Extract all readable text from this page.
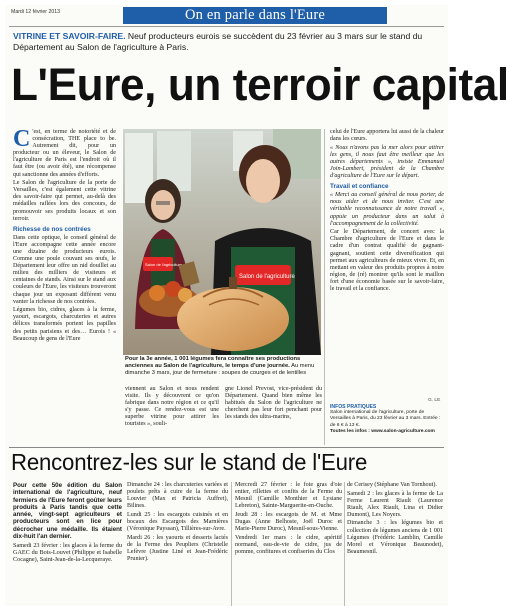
Mardi 12 février 2013	On en parle dans l'Eure
VITRINE ET SAVOIR-FAIRE. Neuf producteurs eurois se succèdent du 23 février au 3 mars sur le stand du Département au Salon de l'agriculture à Paris.
L'Eure, un terroir capital

C 'est, en terme de notoriété et de consécration, THE place to be. Autrement dit, pour un producteur ou un éleveur, le Salon de l'agriculture de Paris est l'endroit où il faut être (ou avoir été), une récompense qui sanctionne des années d'efforts.

Le Salon de l'agriculture de la porte de Versailles, c'est également cette vitrine des savoir-faire qui permet, au-delà des médailles raflées lors des concours, de promouvoir ses produits locaux et son terroir.

Richesse de nos contrées

Dans cette optique, le conseil général de l'Eure accompagne cette année encore une dizaine de producteurs eurois. Comme une poule couvant ses œufs, le Département leur offre un nid douillet au milieu des milliers de visiteurs et centaines de stands. Ainsi sur le stand aux couleurs de l'Eure, les visiteurs trouveront chaque jour un exposant différent venu vanter la richesse de nos contrées.

Légumes bio, cidres, glaces à la ferme, yaourt, escargots, charcuteries et autres délices transformés portent les papilles des petits parisiens et des… Eurois ! « Beaucoup de gens de l'Eure

Salon de l'agriculture
Salon de l'agriculture
Pour la 3e année, 1 001 légumes fera connaître ses productions anciennes au Salon de l'agriculture, le temps d'une journée. Au menu dimanche 3 mars, jour de fermeture : soupes de courges et de lentilles

viennent au Salon et nous rendent visite. Ils y découvrent ce qu'on fabrique dans notre région et ce qu'il s'y passe. Ce rendez-vous est une superbe vitrine pour attirer les touristes », souli-

gne Lionel Prevost, vice-président du Département. Quand bien même les habitués du Salon de l'agriculture ne cherchent pas leur fort penchant pour les stands des ultra-marins,

celui de l'Eure apportera lui aussi de la chaleur dans les cœurs.

« Nous n'avons pas la mer alors pour attirer les gens, il nous faut être meilleur que les autres départements », insiste Emmanuel Join-Lambert, président de la Chambre d'agriculture de l'Eure sur le départ.

Travail et confiance

« Merci au conseil général de nous porter, de nous aider et de nous inviter. C'est une véritable reconnaissance de notre travail », appuie un producteur dans un salut à l'accompagnement de la collectivité.

Car le Département, de concert avec la Chambre d'agriculture de l'Eure et dans le cadre d'un contrat qualifié de gagnant-gagnant, soutient cette diversification qui permet aux agriculteurs de mieux vivre. Et, en mettant en valeur des produits propres à notre région, de (ré) montrer qu'ils sont le maillon fort d'une économie basée sur le savoir-faire, le travail et la confiance.

G. LE
INFOS PRATIQUES
Salon international de l'agriculture, porte de Versailles à Paris, du 23 février au 3 mars. Entrée : de 6 € à 13 €.
Toutes les infos : www.salon-agriculture.com
Rencontrez-les sur le stand de l'Eure

Pour cette 50e édition du Salon international de l'agriculture, neuf fermiers de l'Eure feront goûter leurs produits à Paris tandis que cette année, vingt-sept agriculteurs et producteurs sont en lice pour décrocher une médaille. Ils étaient dix-huit l'an dernier.

Samedi 23 février : les glaces à la ferme du GAEC du Bois-Louvet (Philippe et Isabelle Cocagne), Saint-Jean-de-la-Lecqueraye.

Dimanche 24 : les charcuteries variées et poulets prêts à cuire de la ferme du Louvier (Max et Patricia Auffret), Bilines.

Lundi 25 : les escargots cuisinés et en bocaux des Escargots des Marnières (Véronique Payssan), Tillières-sur-Avre.

Mardi 26 : les yaourts et desserts lactés de la Ferme des Peupliers (Christelle Lefèvre (Justine Liné et Jean-Frédéric Prunier).

Mercredi 27 février : le foie gras d'oie entier, rillettes et confits de la Ferme du Mesnil (Camille Monthier et Lysiane Lebreton), Sainte-Marguerite-en-Ouche.

Jeudi 28 : les escargots de M. et Mme Dugas (Anne Belhoste, Joël Duroc et Marie-Pierre Duroc), Mesnil-sous-Vienne.

Vendredi 1er mars : le cidre, apéritif normand, eau-de-vie de cidre, jus de pomme, confitures et confiseries du Clos

de Cerisey (Stéphane Van Tornhout).

Samedi 2 : les glaces à la ferme de La Ferme Laurent Riault (Laurence Riault, Alex Riault, Lina et Didier Dumont), Les Noyers.

Dimanche 3 : les légumes bio et collection de légumes anciens de 1 001 Légumes (Frédéric Lamblin, Camille Morel et Véronique Beaunodet), Beaumesnil.
